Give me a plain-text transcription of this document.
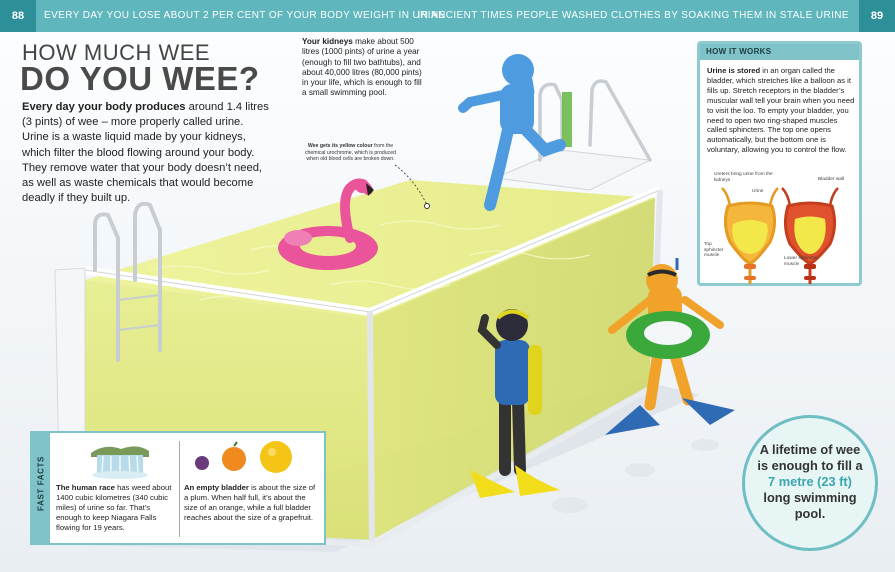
88	EVERY DAY YOU LOSE ABOUT 2 PER CENT OF YOUR BODY WEIGHT IN URINE
IN ANCIENT TIMES PEOPLE WASHED CLOTHES BY SOAKING THEM IN STALE URINE	89
HOW MUCH WEE
DO YOU WEE?
Every day your body produces around 1.4 litres (3 pints) of wee – more properly called urine. Urine is a waste liquid made by your kidneys, which filter the blood flowing around your body. They remove water that your body doesn’t need, as well as waste chemicals that would become deadly if they built up.
Your kidneys make about 500 litres (1000 pints) of urine a year (enough to fill two bathtubs), and about 40,000 litres (80,000 pints) in your life, which is enough to fill a small swimming pool.
Wee gets its yellow colour from the chemical urochrome, which is produced when old blood cells are broken down.
HOW IT WORKS
Urine is stored in an organ called the bladder, which stretches like a balloon as it fills up. Stretch receptors in the bladder’s muscular wall tell your brain when you need to visit the loo. To empty your bladder, you need to open two ring-shaped muscles called sphincters. The top one opens automatically, but the bottom one is voluntary, allowing you to control the flow.
Ureters bring urine from the kidneys
Urine
Bladder wall
Top sphincter muscle
Lower sphincter muscle
FAST FACTS The human race has weed about 1400 cubic kilometres (340 cubic miles) of urine so far. That’s enough to keep Niagara Falls flowing for 19 years.
An empty bladder is about the size of a plum. When half full, it’s about the size of an orange, while a full bladder reaches about the size of a grapefruit.
A lifetime of wee is enough to fill a 7 metre (23 ft) long swimming pool.
